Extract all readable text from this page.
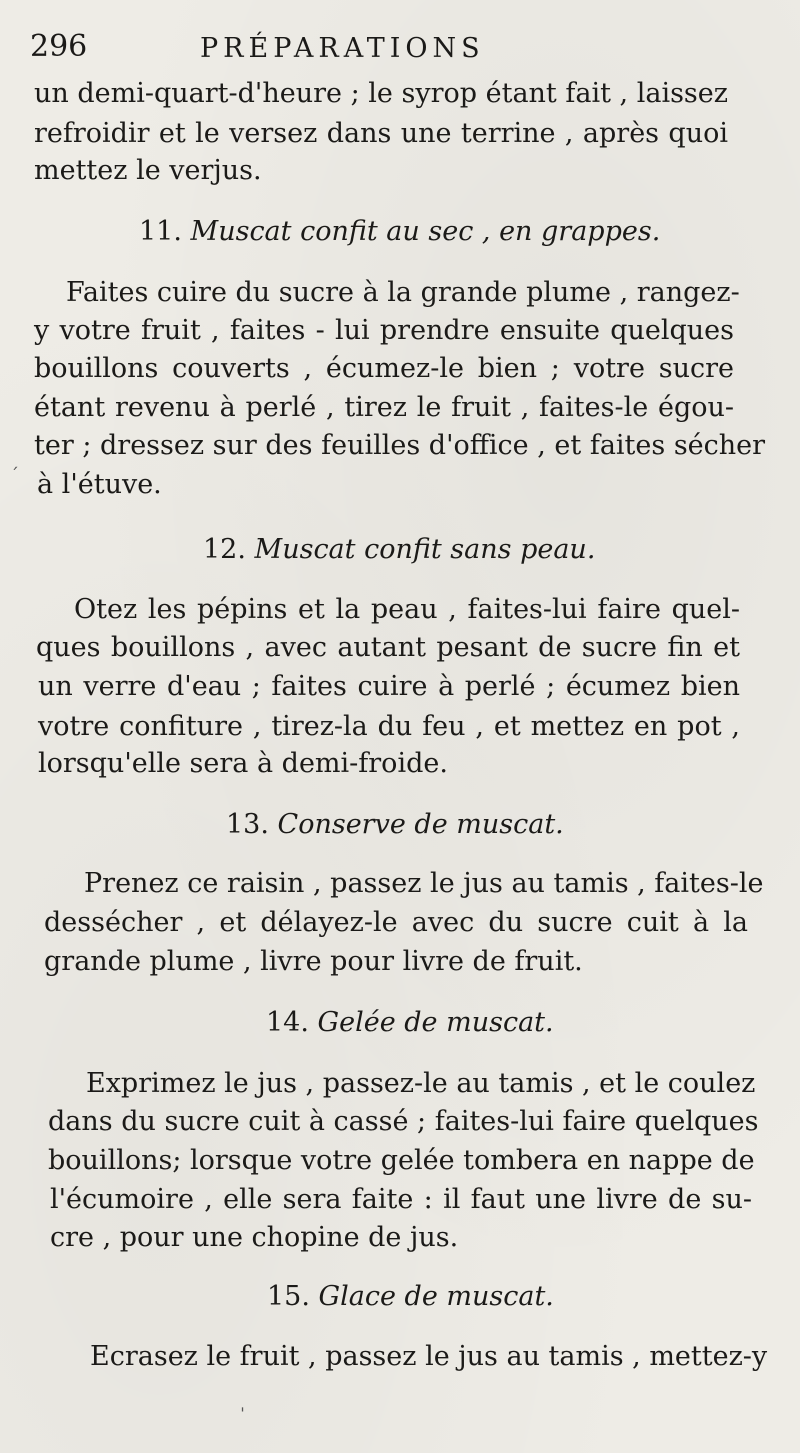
296	PRÉPARATIONS
un demi-quart-d'heure ; le syrop étant fait , laissez
refroidir et le versez dans une terrine , après quoi
mettez le verjus.
11. Muscat confit au sec , en grappes.
Faites cuire du sucre à la grande plume , rangez-
y votre fruit , faites - lui prendre ensuite quelques
bouillons couverts , écumez-le bien ; votre sucre
étant revenu à perlé , tirez le fruit , faites-le égou-
ter ; dressez sur des feuilles d'office , et faites sécher
à l'étuve.
12. Muscat confit sans peau.
Otez les pépins et la peau , faites-lui faire quel-
ques bouillons , avec autant pesant de sucre fin et
un verre d'eau ; faites cuire à perlé ; écumez bien
votre confiture , tirez-la du feu , et mettez en pot ,
lorsqu'elle sera à demi-froide.
13. Conserve de muscat.
Prenez ce raisin , passez le jus au tamis , faites-le
dessécher , et délayez-le avec du sucre cuit à la
grande plume , livre pour livre de fruit.
14. Gelée de muscat.
Exprimez le jus , passez-le au tamis , et le coulez
dans du sucre cuit à cassé ; faites-lui faire quelques
bouillons; lorsque votre gelée tombera en nappe de
l'écumoire , elle sera faite : il faut une livre de su-
cre , pour une chopine de jus.
15. Glace de muscat.
Ecrasez le fruit , passez le jus au tamis , mettez-y
ˈ
ˊ
